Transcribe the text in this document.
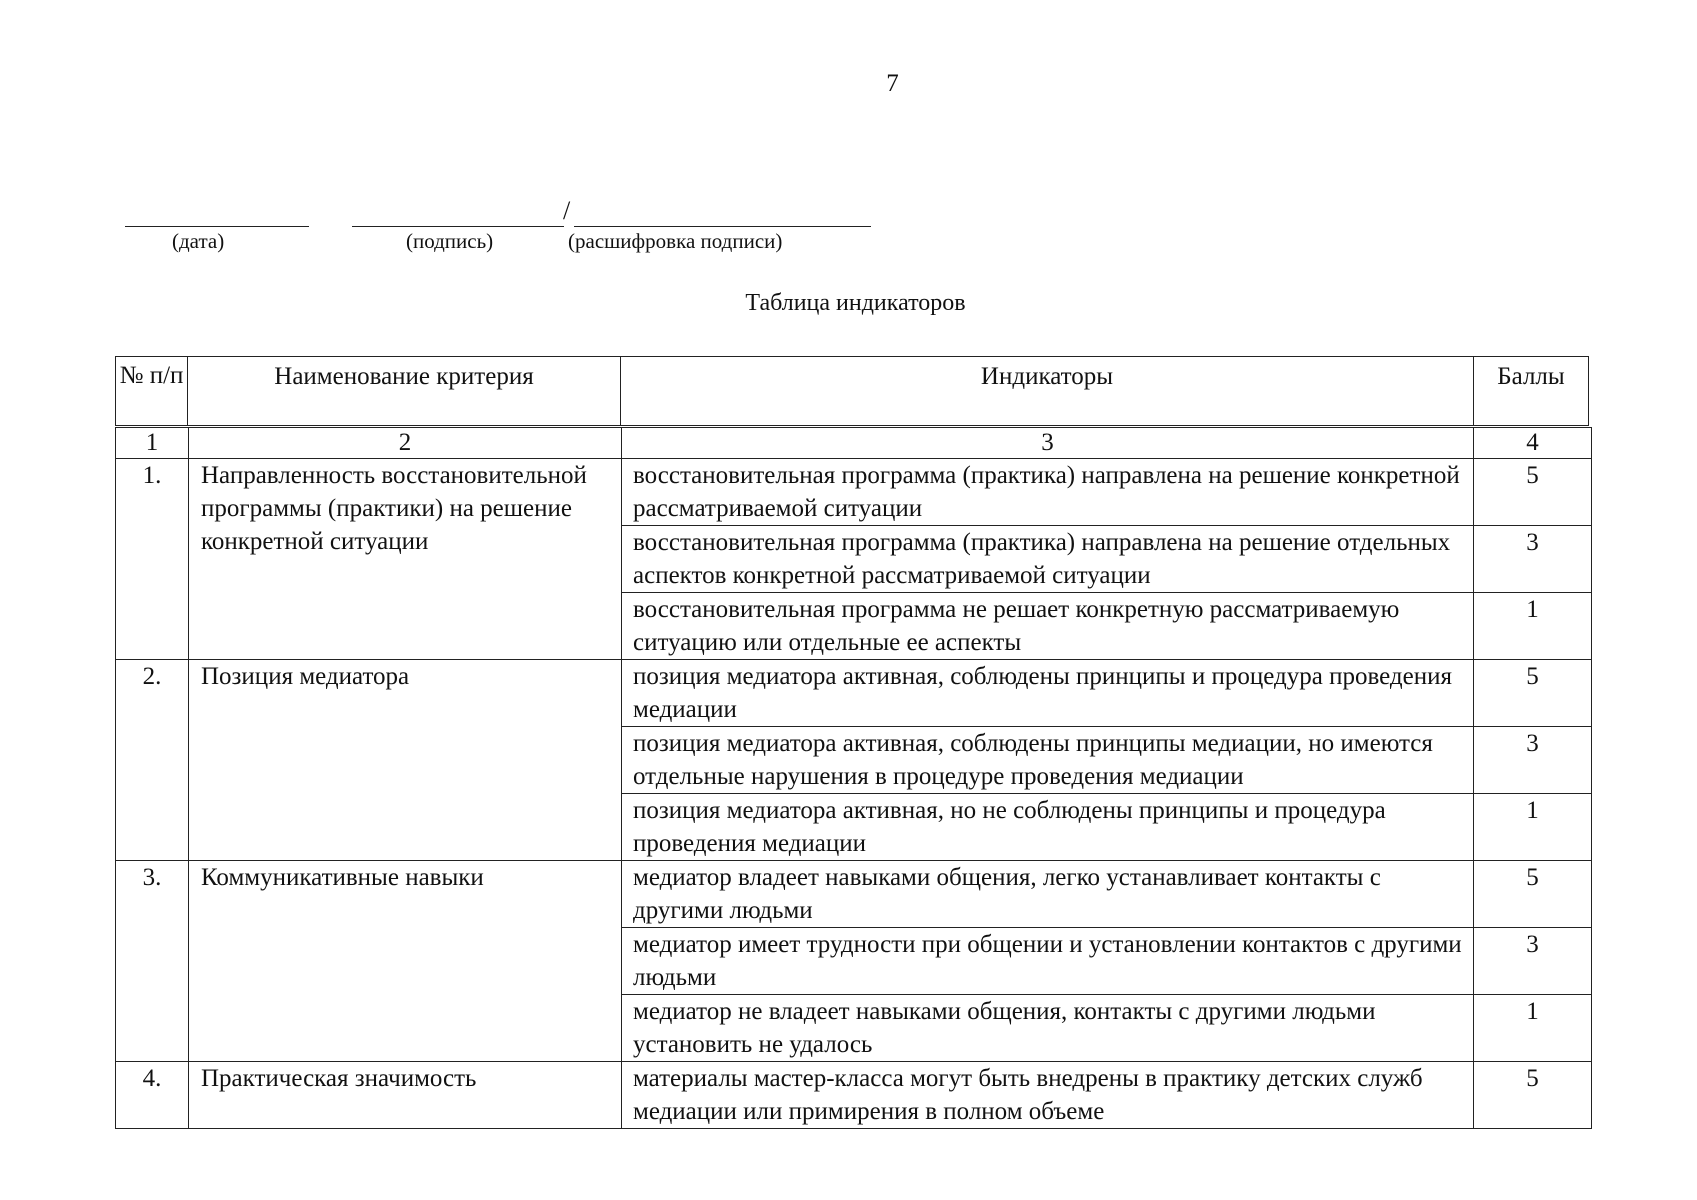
7
/
(дата)	(подпись)	(расшифровка подписи)
Таблица индикаторов
№ п/п	Наименование критерия	Индикаторы	Баллы
1	2	3	4
1.	Направленность восстановительной программы (практики) на решение конкретной ситуации	восстановительная программа (практика) направлена на решение конкретной рассматриваемой ситуации	5
		восстановительная программа (практика) направлена на решение отдельных аспектов конкретной рассматриваемой ситуации	3
		восстановительная программа не решает конкретную рассматриваемую ситуацию или отдельные ее аспекты	1
2.	Позиция медиатора	позиция медиатора активная, соблюдены принципы и процедура проведения медиации	5
		позиция медиатора активная, соблюдены принципы медиации, но имеются отдельные нарушения в процедуре проведения медиации	3
		позиция медиатора активная, но не соблюдены принципы и процедура проведения медиации	1
3.	Коммуникативные навыки	медиатор владеет навыками общения, легко устанавливает контакты с другими людьми	5
		медиатор имеет трудности при общении и установлении контактов с другими людьми	3
		медиатор не владеет навыками общения, контакты с другими людьми установить не удалось	1
4.	Практическая значимость	материалы мастер-класса могут быть внедрены в практику детских служб медиации или примирения в полном объеме	5
